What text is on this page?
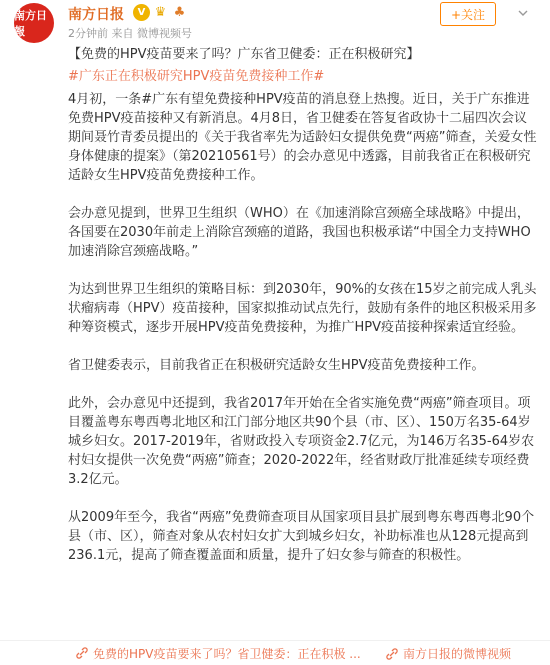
南方日報
南方日报	V ♛ ♣
2分钟前 来自 微博视频号
+关注

【免费的HPV疫苗要来了吗？广东省卫健委：正在积极研究】

#广东正在积极研究HPV疫苗免费接种工作#

4月初，一条#广东有望免费接种HPV疫苗的消息登上热搜。近日，关于广东推进免费HPV疫苗接种又有新消息。4月8日，省卫健委在答复省政协十二届四次会议期间聂竹青委员提出的《关于我省率先为适龄妇女提供免费“两癌”筛查，关爱女性身体健康的提案》（第20210561号）的会办意见中透露，目前我省正在积极研究适龄女生HPV疫苗免费接种工作。

会办意见提到，世界卫生组织（WHO）在《加速消除宫颈癌全球战略》中提出，各国要在2030年前走上消除宫颈癌的道路，我国也积极承诺“中国全力支持WHO加速消除宫颈癌战略。”

为达到世界卫生组织的策略目标：到2030年，90%的女孩在15岁之前完成人乳头状瘤病毒（HPV）疫苗接种，国家拟推动试点先行，鼓励有条件的地区积极采用多种筹资模式，逐步开展HPV疫苗免费接种，为推广HPV疫苗接种探索适宜经验。

省卫健委表示，目前我省正在积极研究适龄女生HPV疫苗免费接种工作。

此外，会办意见中还提到，我省2017年开始在全省实施免费“两癌”筛查项目。项目覆盖粤东粤西粤北地区和江门部分地区共90个县（市、区）、150万名35-64岁城乡妇女。2017-2019年，省财政投入专项资金2.7亿元，为146万名35-64岁农村妇女提供一次免费“两癌”筛查；2020-2022年，经省财政厅批准延续专项经费3.2亿元。

从2009年至今，我省“两癌”免费筛查项目从国家项目县扩展到粤东粤西粤北90个县（市、区），筛查对象从农村妇女扩大到城乡妇女，补助标准也从128元提高到236.1元，提高了筛查覆盖面和质量，提升了妇女参与筛查的积极性。

免费的HPV疫苗要来了吗？省卫健委：正在积极 ...	南方日报的微博视频
